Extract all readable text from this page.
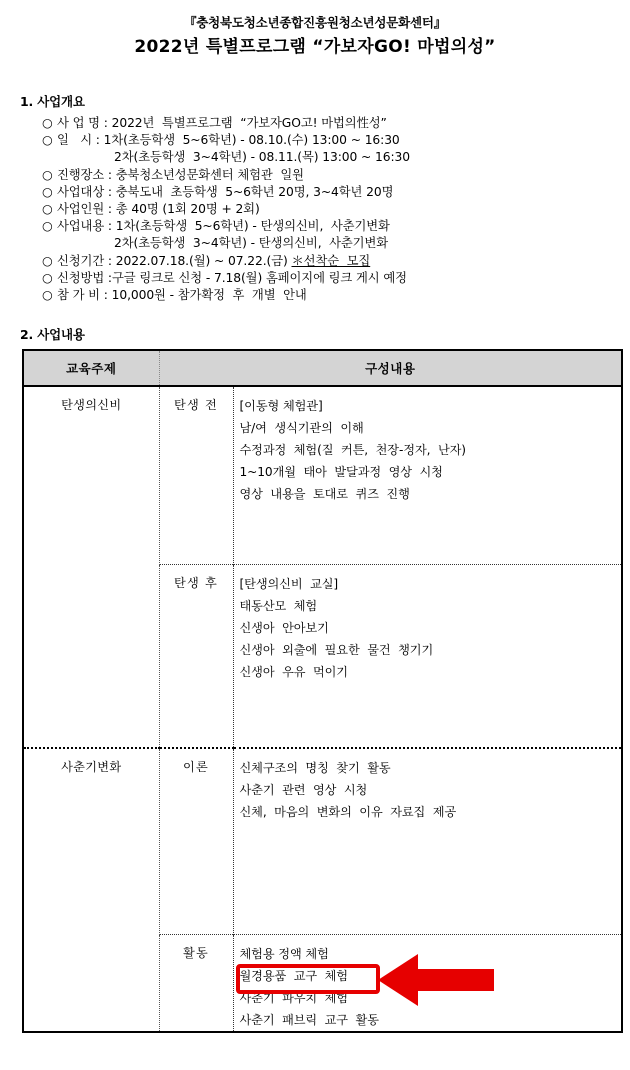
『충청북도청소년종합진흥원청소년성문화센터』
2022년 특별프로그램 “가보자GO! 마법의성”
1. 사업개요
○ 사 업 명 : 2022년  특별프로그램  “가보자GO고! 마법의性성”
○ 일   시 : 1차(초등학생  5~6학년) - 08.10.(수) 13:00 ~ 16:30
2차(초등학생  3~4학년) - 08.11.(목) 13:00 ~ 16:30
○ 진행장소 : 충북청소년성문화센터 체험관  일원
○ 사업대상 : 충북도내  초등학생  5~6학년 20명, 3~4학년 20명
○ 사업인원 : 총 40명 (1회 20명 + 2회)
○ 사업내용 : 1차(초등학생  5~6학년) - 탄생의신비,  사춘기변화
2차(초등학생  3~4학년) - 탄생의신비,  사춘기변화
○ 신청기간 : 2022.07.18.(월) ~ 07.22.(금) ＊선착순  모집
○ 신청방법 :구글 링크로 신청 - 7.18(월) 홈페이지에 링크 게시 예정
○ 참 가 비 : 10,000원 - 참가확정  후  개별  안내
2. 사업내용
교육주제	구성내용	
탄생의신비	탄생 전	[이동형 체험관]
남/여  생식기관의  이해
수정과정  체험(질  커튼,  천장-정자,  난자)
1~10개월  태아  발달과정  영상  시청
영상  내용을  토대로  퀴즈  진행

	탄생 후	[탄생의신비  교실]
태동산모  체험
신생아  안아보기
신생아  외출에  필요한  물건  챙기기
신생아  우유  먹이기

사춘기변화	이론	신체구조의  명칭  찾기  활동
사춘기  관련  영상  시청
신체,  마음의  변화의  이유  자료집  제공

	활동	체험용 정액 체험
월경용품  교구  체험
사춘기  파우치  체험
사춘기  패브릭  교구  활동
